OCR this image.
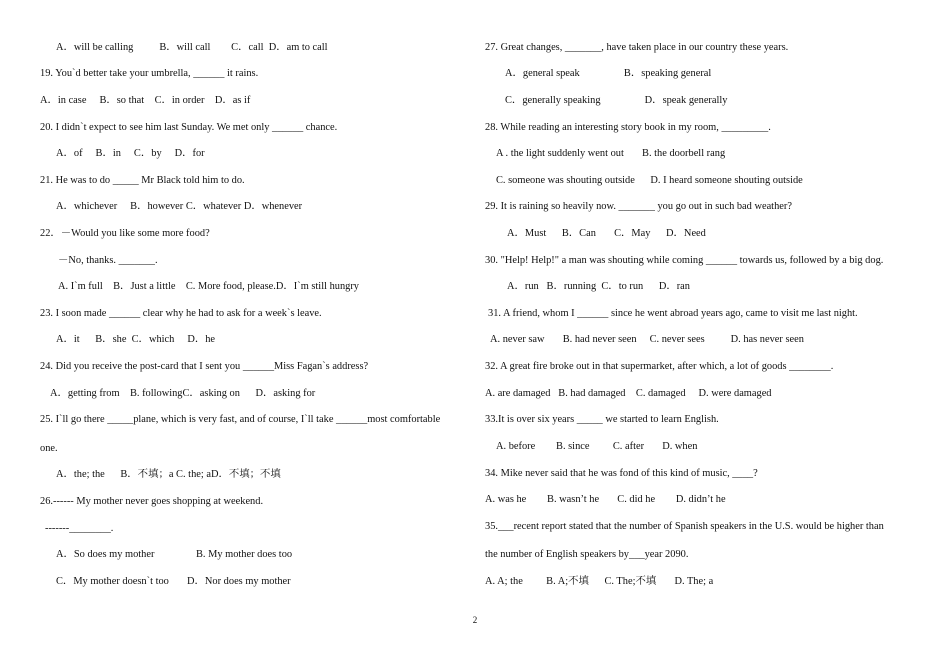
A．will be calling          B．will call        C．call  D．am to call
19. You`d better take your umbrella, ______ it rains.
A．in case     B．so that    C．in order    D．as if
20. I didn`t expect to see him last Sunday. We met only ______ chance.
A．of     B．in     C．by     D．for
21. He was to do _____ Mr Black told him to do.
A．whichever     B．however C．whatever D．whenever
22．－Would you like some more food?
－No, thanks. _______.
A. I`m full    B．Just a little    C. More food, please.D．I`m still hungry
23. I soon made ______ clear why he had to ask for a week`s leave.
A．it      B．she  C．which     D．he
24. Did you receive the post-card that I sent you ______Miss Fagan`s address?
A．getting from    B. followingC．asking on      D．asking for
25. I`ll go there _____plane, which is very fast, and of course, I`ll take ______most comfortable
one.
A．the; the      B．不填；a C. the; aD．不填；不填
26.------ My mother never goes shopping at weekend.
-------________.
A．So does my mother                B. My mother does too
C．My mother doesn`t too       D．Nor does my mother
27. Great changes, _______, have taken place in our country these years.
A．general speak                 B．speaking general
C．generally speaking                 D．speak generally
28. While reading an interesting story book in my room, _________.
A . the light suddenly went out       B. the doorbell rang
C. someone was shouting outside      D. I heard someone shouting outside
29. It is raining so heavily now. _______ you go out in such bad weather?
A．Must      B．Can       C．May      D．Need
30. "Help! Help!" a man was shouting while coming ______ towards us, followed by a big dog.
A．run   B．running  C．to run      D．ran
31. A friend, whom I ______ since he went abroad years ago, came to visit me last night.
A. never saw       B. had never seen     C. never sees          D. has never seen
32. A great fire broke out in that supermarket, after which, a lot of goods ________.
A. are damaged   B. had damaged    C. damaged     D. were damaged
33.It is over six years _____ we started to learn English.
A. before        B. since         C. after       D. when
34. Mike never said that he was fond of this kind of music, ____?
A. was he        B. wasn’t he       C. did he        D. didn’t he
35.___recent report stated that the number of Spanish speakers in the U.S. would be higher than
the number of English speakers by___year 2090.
A. A; the         B. A;不填      C. The;不填       D. The; a
2
